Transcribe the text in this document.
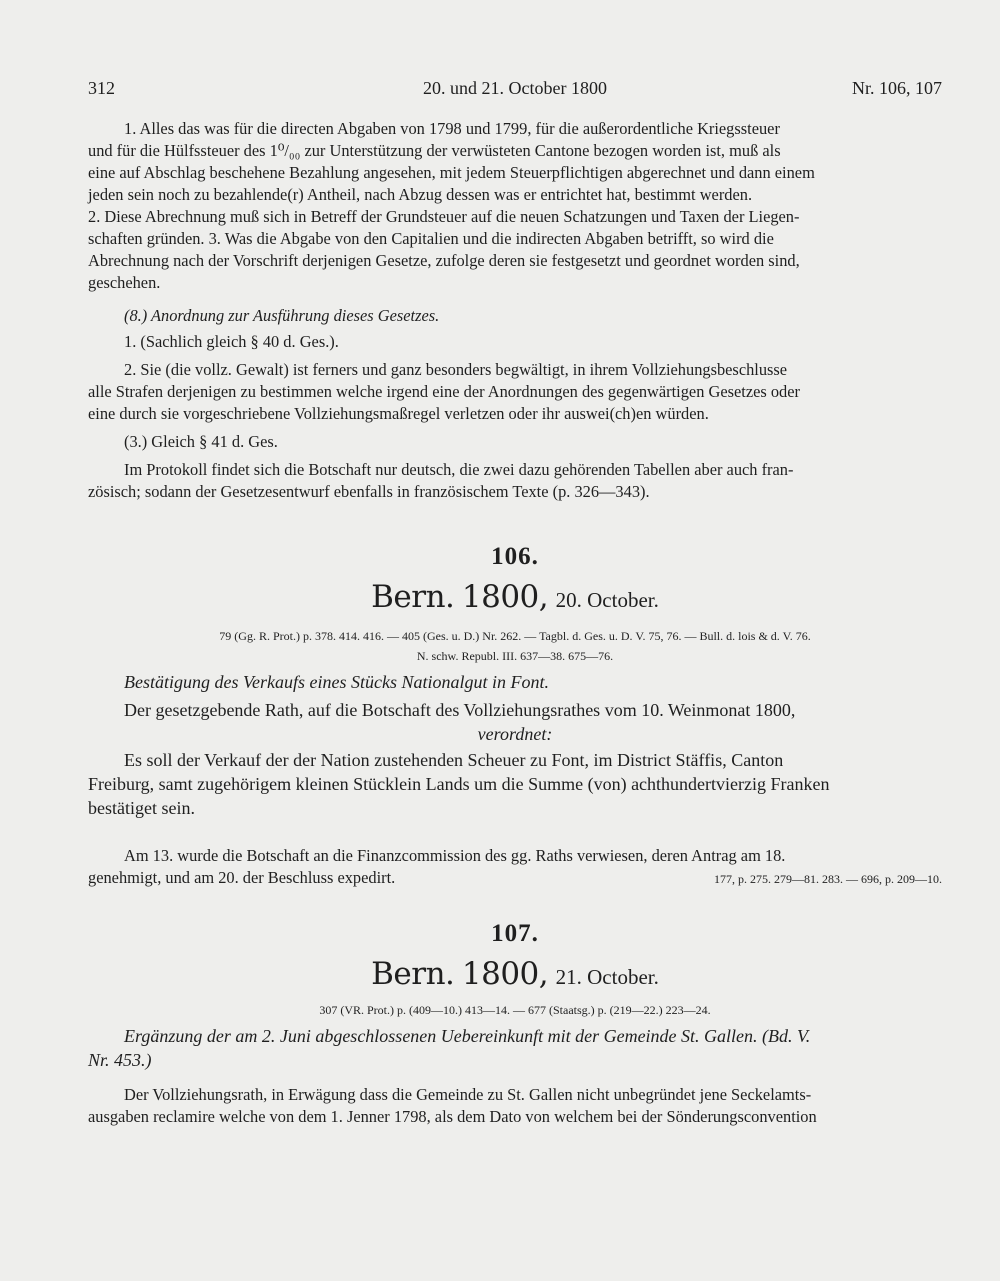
312	20. und 21. October 1800	Nr. 106, 107
1. Alles das was für die directen Abgaben von 1798 und 1799, für die außerordentliche Kriegssteuer
und für die Hülfssteuer des 1⁰/₀₀ zur Unterstützung der verwüsteten Cantone bezogen worden ist, muß als
eine auf Abschlag beschehene Bezahlung angesehen, mit jedem Steuerpflichtigen abgerechnet und dann einem
jeden sein noch zu bezahlende(r) Antheil, nach Abzug dessen was er entrichtet hat, bestimmt werden.
2. Diese Abrechnung muß sich in Betreff der Grundsteuer auf die neuen Schatzungen und Taxen der Liegen-
schaften gründen. 3. Was die Abgabe von den Capitalien und die indirecten Abgaben betrifft, so wird die
Abrechnung nach der Vorschrift derjenigen Gesetze, zufolge deren sie festgesetzt und geordnet worden sind,
geschehen.
(8.) Anordnung zur Ausführung dieses Gesetzes.
1. (Sachlich gleich § 40 d. Ges.).
2. Sie (die vollz. Gewalt) ist ferners und ganz besonders begwältigt, in ihrem Vollziehungsbeschlusse
alle Strafen derjenigen zu bestimmen welche irgend eine der Anordnungen des gegenwärtigen Gesetzes oder
eine durch sie vorgeschriebene Vollziehungsmaßregel verletzen oder ihr auswei(ch)en würden.
(3.) Gleich § 41 d. Ges.
Im Protokoll findet sich die Botschaft nur deutsch, die zwei dazu gehörenden Tabellen aber auch fran-
zösisch; sodann der Gesetzesentwurf ebenfalls in französischem Texte (p. 326—343).
106.
Bern. 1800, 20. October.
79 (Gg. R. Prot.) p. 378. 414. 416. — 405 (Ges. u. D.) Nr. 262. — Tagbl. d. Ges. u. D. V. 75, 76. — Bull. d. lois & d. V. 76.
N. schw. Republ. III. 637—38. 675—76.
Bestätigung des Verkaufs eines Stücks Nationalgut in Font.
Der gesetzgebende Rath, auf die Botschaft des Vollziehungsrathes vom 10. Weinmonat 1800,
verordnet:
Es soll der Verkauf der der Nation zustehenden Scheuer zu Font, im District Stäffis, Canton
Freiburg, samt zugehörigem kleinen Stücklein Lands um die Summe (von) achthundertvierzig Franken
bestätiget sein.
Am 13. wurde die Botschaft an die Finanzcommission des gg. Raths verwiesen, deren Antrag am 18.
genehmigt, und am 20. der Beschluss expedirt.	177, p. 275. 279—81. 283. — 696, p. 209—10.
107.
Bern. 1800, 21. October.
307 (VR. Prot.) p. (409—10.) 413—14. — 677 (Staatsg.) p. (219—22.) 223—24.
Ergänzung der am 2. Juni abgeschlossenen Uebereinkunft mit der Gemeinde St. Gallen. (Bd. V.
Nr. 453.)
Der Vollziehungsrath, in Erwägung dass die Gemeinde zu St. Gallen nicht unbegründet jene Seckelamts-
ausgaben reclamire welche von dem 1. Jenner 1798, als dem Dato von welchem bei der Sönderungsconvention
